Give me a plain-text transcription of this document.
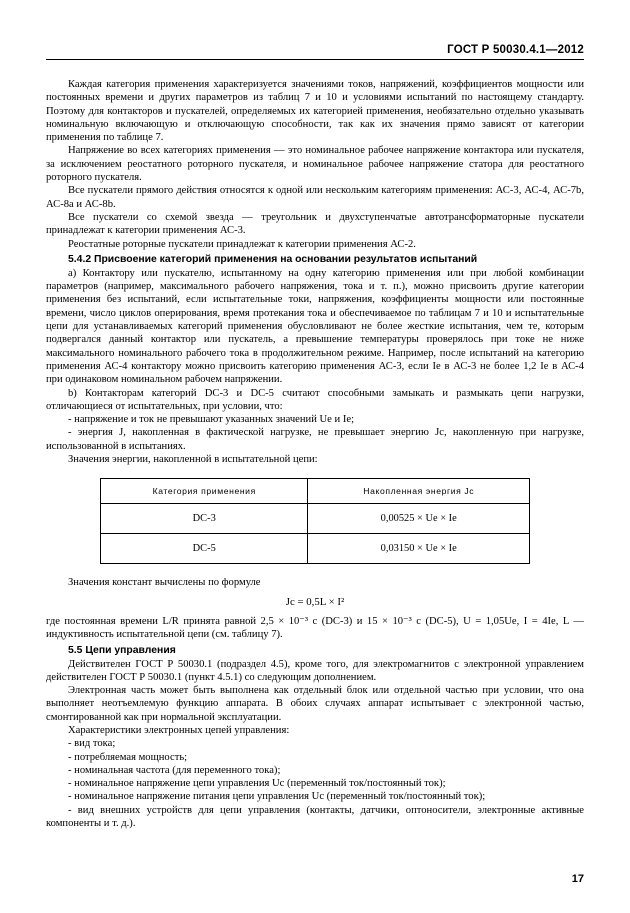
ГОСТ Р 50030.4.1—2012

Каждая категория применения характеризуется значениями токов, напряжений, коэффициентов мощности или постоянных времени и других параметров из таблиц 7 и 10 и условиями испытаний по настоящему стандарту. Поэтому для контакторов и пускателей, определяемых их категорией применения, необязательно отдельно указывать номинальную включающую и отключающую способности, так как их значения прямо зависят от категории применения по таблице 7.

Напряжение во всех категориях применения — это номинальное рабочее напряжение контактора или пускателя, за исключением реостатного роторного пускателя, и номинальное рабочее напряжение статора для реостатного роторного пускателя.

Все пускатели прямого действия относятся к одной или нескольким категориям применения: АС-3, АС-4, АС-7b, АС-8а и АС-8b.

Все пускатели со схемой звезда — треугольник и двухступенчатые автотрансформаторные пускатели принадлежат к категории применения АС-3.

Реостатные роторные пускатели принадлежат к категории применения АС-2.

5.4.2 Присвоение категорий применения на основании результатов испытаний

a) Контактору или пускателю, испытанному на одну категорию применения или при любой комбинации параметров (например, максимального рабочего напряжения, тока и т. п.), можно присвоить другие категории применения без испытаний, если испытательные токи, напряжения, коэффициенты мощности или постоянные времени, число циклов оперирования, время протекания тока и обеспечиваемое по таблицам 7 и 10 и испытательные цепи для устанавливаемых категорий применения обусловливают не более жесткие испытания, чем те, которым подвергался данный контактор или пускатель, а превышение температуры проверялось при токе не ниже максимального номинального рабочего тока в продолжительном режиме. Например, после испытаний на категорию применения АС-4 контактору можно присвоить категорию применения АС-3, если Iе в АС-3 не более 1,2 Iе в АС-4 при одинаковом номинальном рабочем напряжении.

b) Контакторам категорий DC-3 и DC-5 считают способными замыкать и размыкать цепи нагрузки, отличающиеся от испытательных, при условии, что:

- напряжение и ток не превышают указанных значений Uе и Iе;

- энергия J, накопленная в фактической нагрузке, не превышает энергию Jс, накопленную при нагрузке, использованной в испытаниях.

Значения энергии, накопленной в испытательной цепи:

Категория применения	Накопленная энергия Jс
DC-3	0,00525 × Uе × Iе
DC-5	0,03150 × Uе × Iе

Значения констант вычислены по формуле

Jс = 0,5L × I²

где постоянная времени L/R принята равной 2,5 × 10⁻³ с (DC-3) и 15 × 10⁻³ с (DC-5), U = 1,05Uе, I = 4Iе, L — индуктивность испытательной цепи (см. таблицу 7).

5.5 Цепи управления

Действителен ГОСТ Р 50030.1 (подраздел 4.5), кроме того, для электромагнитов с электронной управлением действителен ГОСТ Р 50030.1 (пункт 4.5.1) со следующим дополнением.

Электронная часть может быть выполнена как отдельный блок или отдельной частью при условии, что она выполняет неотъемлемую функцию аппарата. В обоих случаях аппарат испытывает с электронной частью, смонтированной как при нормальной эксплуатации.

Характеристики электронных цепей управления:

- вид тока;

- потребляемая мощность;

- номинальная частота (для переменного тока);

- номинальное напряжение цепи управления Uс (переменный ток/постоянный ток);

- номинальное напряжение питания цепи управления Uс (переменный ток/постоянный ток);

- вид внешних устройств для цепи управления (контакты, датчики, оптоносители, электронные активные компоненты и т. д.).

17
